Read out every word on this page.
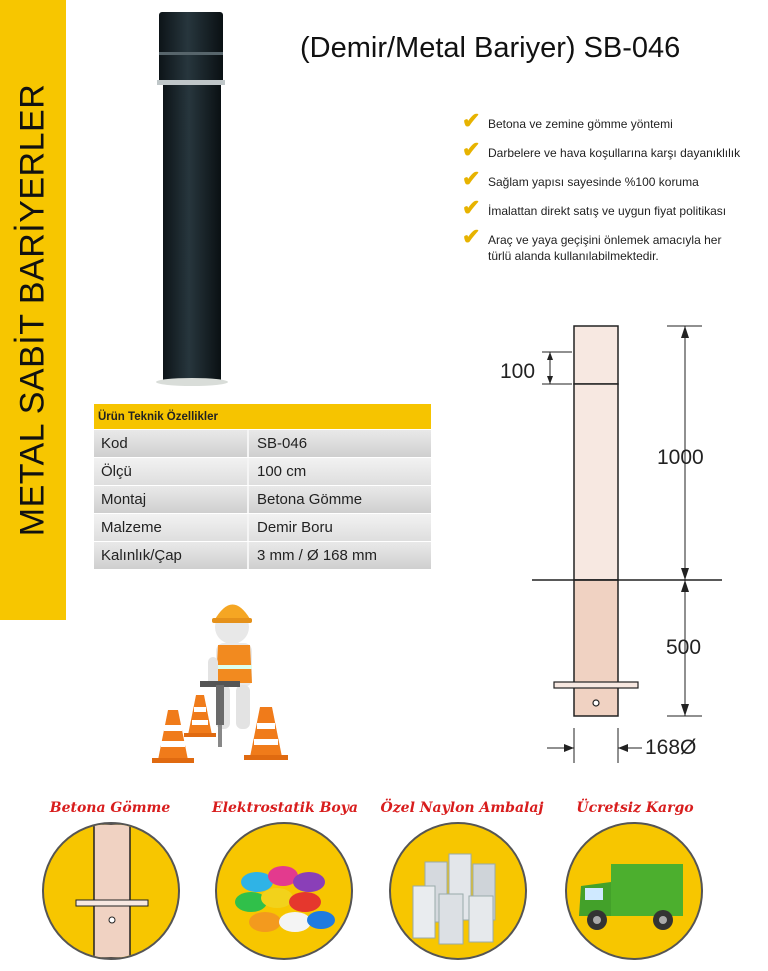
METAL SABİT BARİYERLER
(Demir/Metal Bariyer) SB-046
✔ Betona ve zemine gömme yöntemi
✔ Darbelere ve hava koşullarına karşı dayanıklılık
✔ Sağlam yapısı sayesinde %100 koruma
✔ İmalattan direkt satış ve uygun fiyat politikası
✔ Araç ve yaya geçişini önlemek amacıyla her türlü alanda kullanılabilmektedir.
Ürün Teknik Özellikler	
Kod	SB-046
Ölçü	100 cm
Montaj	Betona Gömme
Malzeme	Demir Boru
Kalınlık/Çap	3 mm / Ø 168 mm
100
1000
500
168Ø
Betona Gömme	Elektrostatik Boya	Özel Naylon Ambalaj	Ücretsiz Kargo
